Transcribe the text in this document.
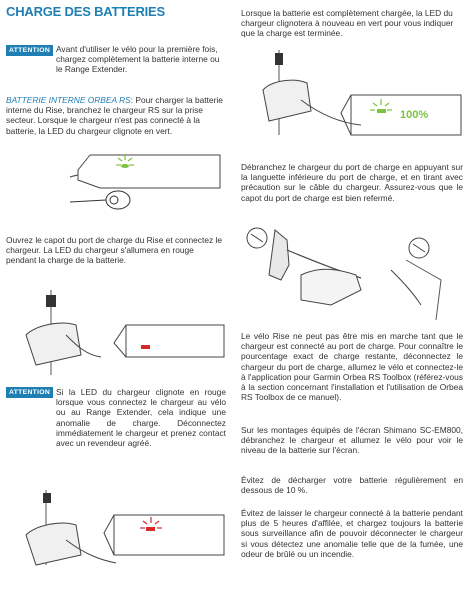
CHARGE DES BATTERIES
ATTENTION Avant d'utiliser le vélo pour la première fois, chargez complètement la batterie interne ou le Range Extender.
BATTERIE INTERNE ORBEA RS: Pour charger la batterie interne du Rise, branchez le chargeur RS sur la prise secteur. Lorsque le chargeur n'est pas connecté à la batterie, la LED du chargeur clignote en vert.
Ouvrez le capot du port de charge du Rise et connectez le chargeur. La LED du chargeur s'allumera en rouge pendant la charge de la batterie.
ATTENTION Si la LED du chargeur clignote en rouge lorsque vous connectez le chargeur au vélo ou au Range Extender, cela indique une anomalie de charge. Déconnectez immédiatement le chargeur et prenez contact avec un revendeur agréé.
Lorsque la batterie est complètement chargée, la LED du chargeur clignotera à nouveau en vert pour vous indiquer que la charge est terminée.
100%
Débranchez le chargeur du port de charge en appuyant sur la languette inférieure du port de charge, et en tirant avec précaution sur le câble du chargeur. Assurez-vous que le capot du port de charge est bien refermé.
Le vélo Rise ne peut pas être mis en marche tant que le chargeur est connecté au port de charge. Pour connaître le pourcentage exact de charge restante, déconnectez le chargeur du port de charge, allumez le vélo et connectez-le à l'application pour Garmin Orbea RS Toolbox (référez-vous à la section concernant l'installation et l'utilisation de Orbea RS Toolbox de ce manuel).
Sur les montages équipés de l'écran Shimano SC-EM800, débranchez le chargeur et allumez le vélo pour voir le niveau de la batterie sur l'écran.
Évitez de décharger votre batterie régulièrement en dessous de 10 %.
Évitez de laisser le chargeur connecté à la batterie pendant plus de 5 heures d'affilée, et chargez toujours la batterie sous surveillance afin de pouvoir déconnecter le chargeur si vous détectez une anomalie telle que de la fumée, une odeur de brûlé ou un incendie.
